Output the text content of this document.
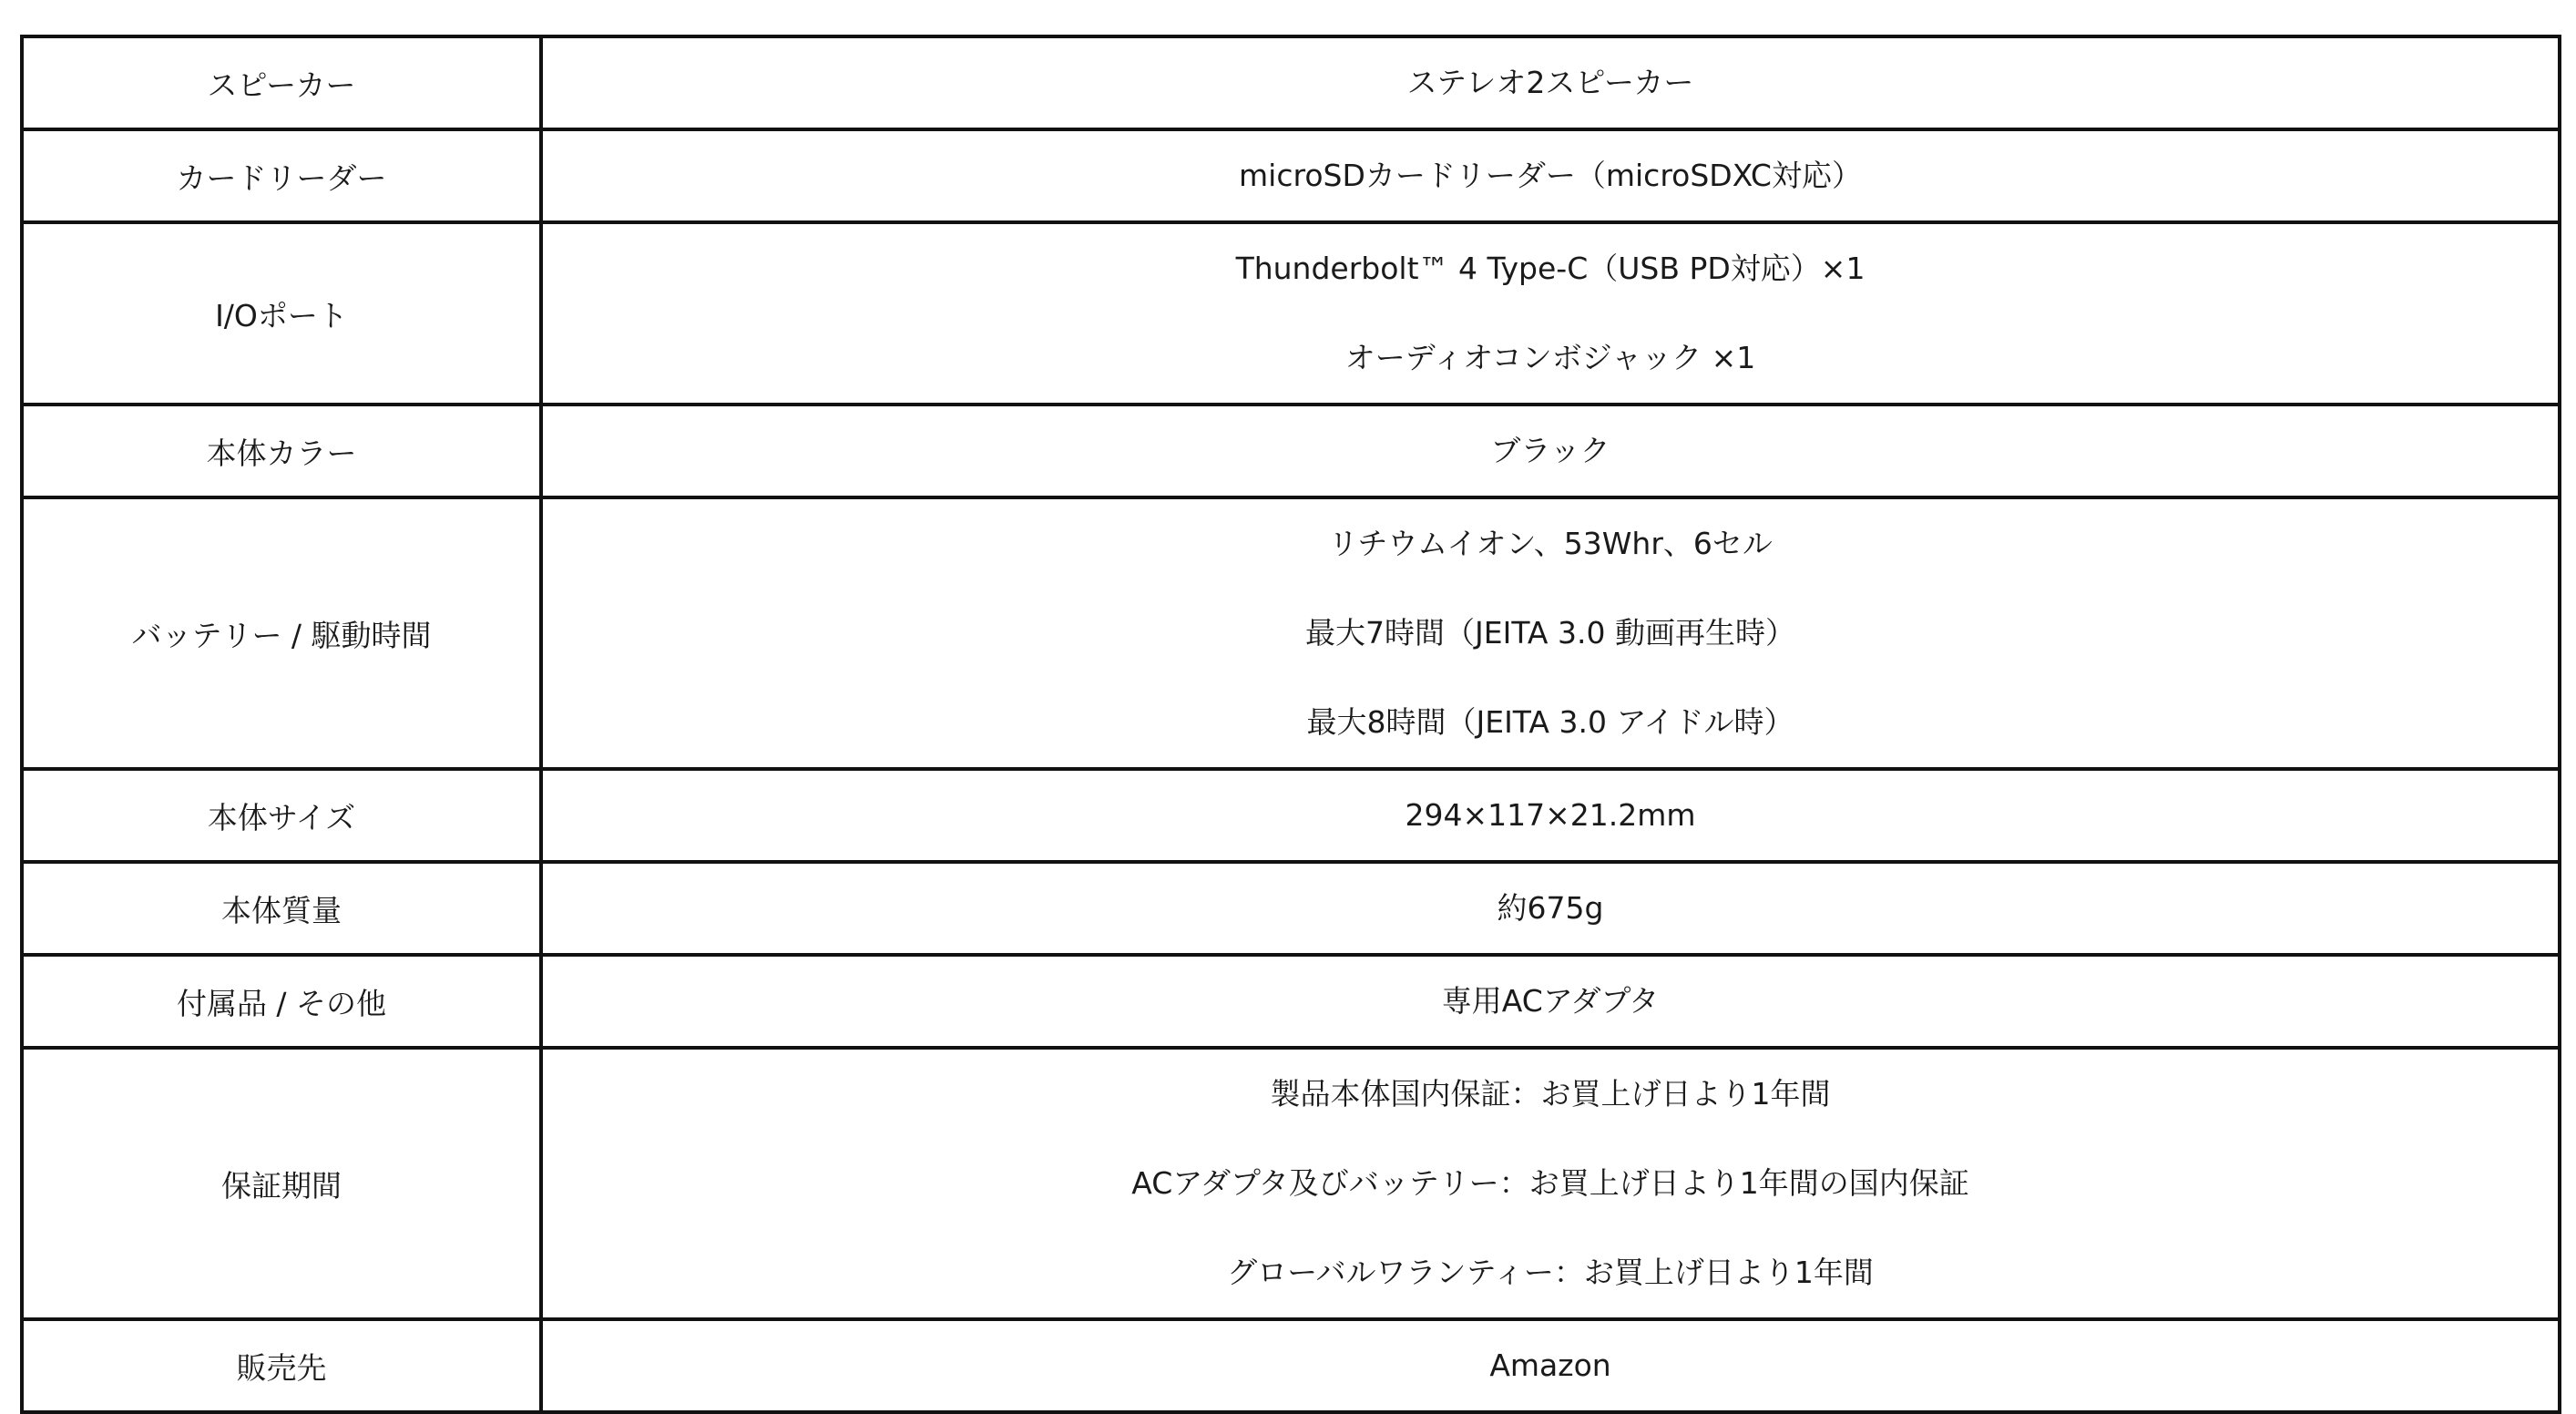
スピーカー	ステレオ2スピーカー

カードリーダー	microSDカードリーダー（microSDXC対応）

I/Oポート	Thunderbolt™ 4 Type-C（USB PD対応）×1
オーディオコンボジャック ×1

本体カラー	ブラック

バッテリー / 駆動時間	リチウムイオン、53Whr、6セル
最大7時間（JEITA 3.0 動画再生時）
最大8時間（JEITA 3.0 アイドル時）

本体サイズ	294×117×21.2mm

本体質量	約675g

付属品 / その他	専用ACアダプタ

保証期間	製品本体国内保証：お買上げ日より1年間
ACアダプタ及びバッテリー：お買上げ日より1年間の国内保証
グローバルワランティー：お買上げ日より1年間

販売先	Amazon
